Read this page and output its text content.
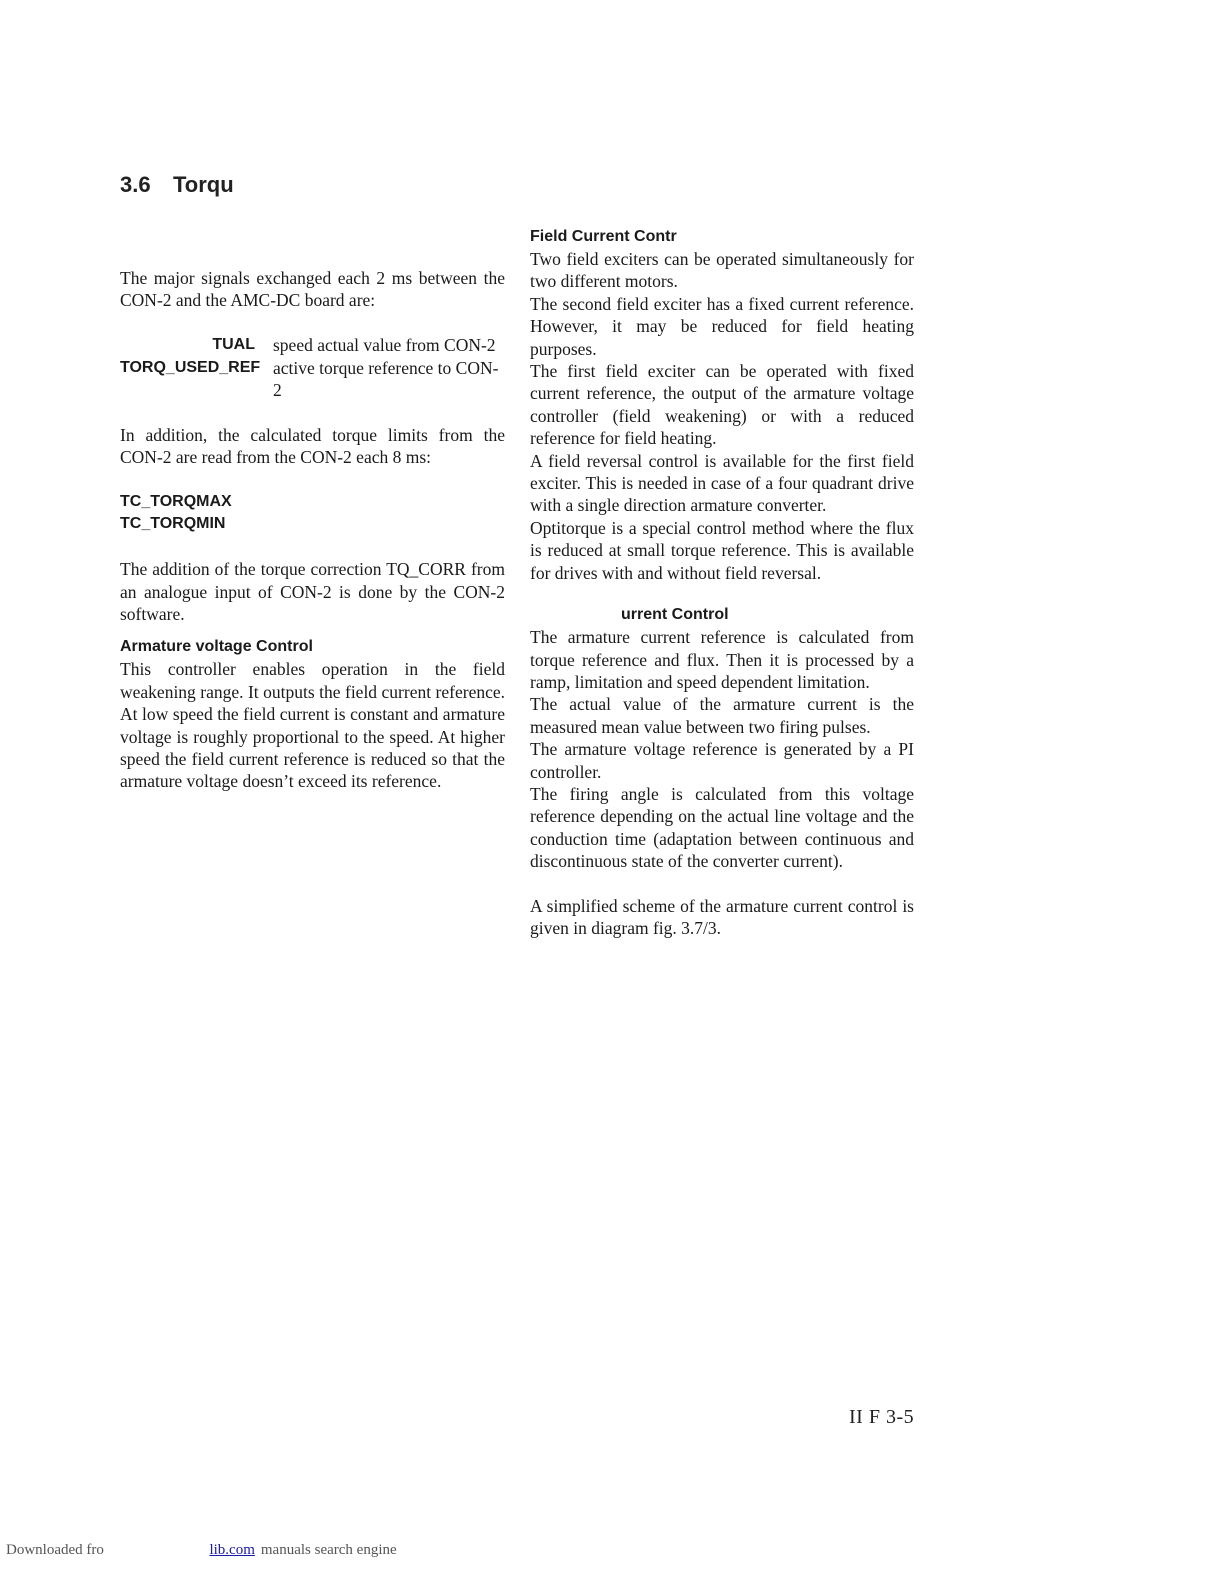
3.6 Torqu

The major signals exchanged each 2 ms between the CON-2 and the AMC-DC board are:

TUAL	speed actual value from CON-2
TORQ_USED_REF active torque reference to CON-2

In addition, the calculated torque limits from the CON-2 are read from the CON-2 each 8 ms:

TC_TORQMAX
TC_TORQMIN

The addition of the torque correction TQ_CORR from an analogue input of CON-2 is done by the CON-2 software.

Armature voltage Control

This controller enables operation in the field weakening range. It outputs the field current reference. At low speed the field current is constant and armature voltage is roughly proportional to the speed. At higher speed the field current reference is reduced so that the armature voltage doesn’t exceed its reference.

Field Current Contr

Two field exciters can be operated simultaneously for two different motors.

The second field exciter has a fixed current reference. However, it may be reduced for field heating purposes.

The first field exciter can be operated with fixed current reference, the output of the armature voltage controller (field weakening) or with a reduced reference for field heating.

A field reversal control is available for the first field exciter. This is needed in case of a four quadrant drive with a single direction armature converter.

Optitorque is a special control method where the flux is reduced at small torque reference. This is available for drives with and without field reversal.

urrent Control

The armature current reference is calculated from torque reference and flux. Then it is processed by a ramp, limitation and speed dependent limitation.

The actual value of the armature current is the measured mean value between two firing pulses.

The armature voltage reference is generated by a PI controller.

The firing angle is calculated from this voltage reference depending on the actual line voltage and the conduction time (adaptation between continuous and discontinuous state of the converter current).

A simplified scheme of the armature current control is given in diagram fig. 3.7/3.

II F 3-5
Downloaded fro	lib.com manuals search engine
